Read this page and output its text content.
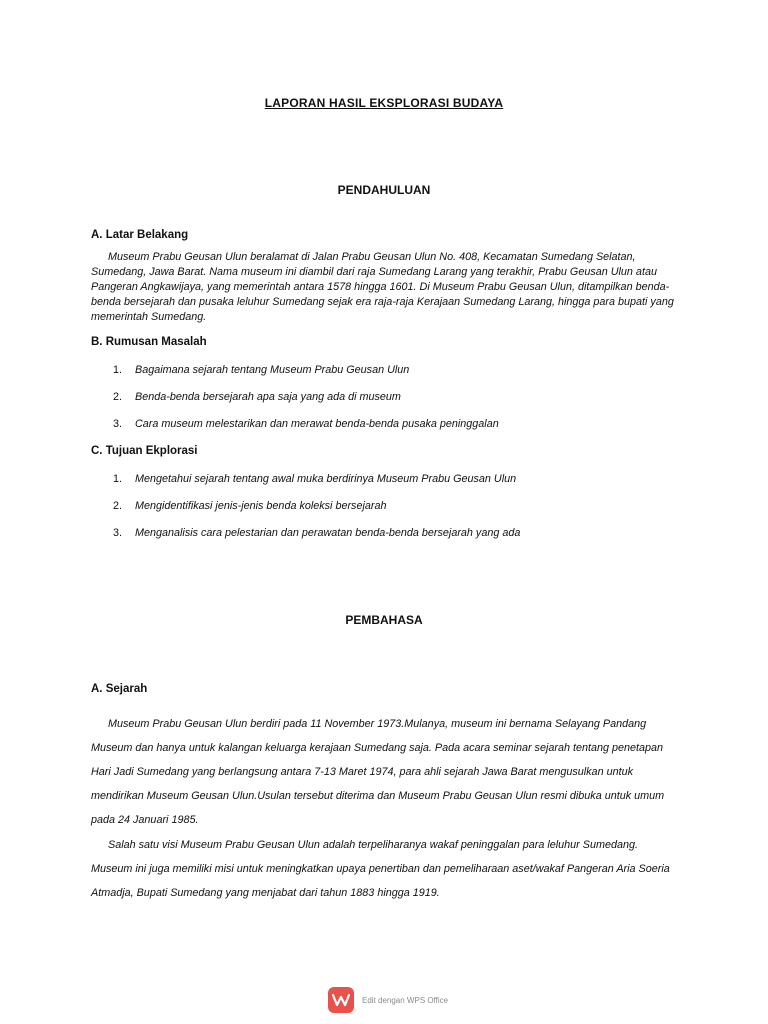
LAPORAN HASIL EKSPLORASI BUDAYA
PENDAHULUAN
A. Latar Belakang
Museum Prabu Geusan Ulun beralamat di Jalan Prabu Geusan Ulun No. 408, Kecamatan Sumedang Selatan, Sumedang, Jawa Barat. Nama museum ini diambil dari raja Sumedang Larang yang terakhir, Prabu Geusan Ulun atau Pangeran Angkawijaya, yang memerintah antara 1578 hingga 1601. Di Museum Prabu Geusan Ulun, ditampilkan benda-benda bersejarah dan pusaka leluhur Sumedang sejak era raja-raja Kerajaan Sumedang Larang, hingga para bupati yang memerintah Sumedang.
B. Rumusan Masalah
1. Bagaimana sejarah tentang Museum Prabu Geusan Ulun
2. Benda-benda bersejarah apa saja yang ada di museum
3. Cara museum melestarikan dan merawat benda-benda pusaka peninggalan
C. Tujuan Ekplorasi
1. Mengetahui sejarah tentang awal muka berdirinya Museum Prabu Geusan Ulun
2. Mengidentifikasi jenis-jenis benda koleksi bersejarah
3. Menganalisis cara pelestarian dan perawatan benda-benda bersejarah yang ada
PEMBAHASA
A. Sejarah
Museum Prabu Geusan Ulun berdiri pada 11 November 1973.Mulanya, museum ini bernama Selayang Pandang Museum dan hanya untuk kalangan keluarga kerajaan Sumedang saja. Pada acara seminar sejarah tentang penetapan Hari Jadi Sumedang yang berlangsung antara 7-13 Maret 1974, para ahli sejarah Jawa Barat mengusulkan untuk mendirikan Museum Geusan Ulun.Usulan tersebut diterima dan Museum Prabu Geusan Ulun resmi dibuka untuk umum pada 24 Januari 1985.
Salah satu visi Museum Prabu Geusan Ulun adalah terpeliharanya wakaf peninggalan para leluhur Sumedang. Museum ini juga memiliki misi untuk meningkatkan upaya penertiban dan pemeliharaan aset/wakaf Pangeran Aria Soeria Atmadja, Bupati Sumedang yang menjabat dari tahun 1883 hingga 1919.
Edit dengan WPS Office
